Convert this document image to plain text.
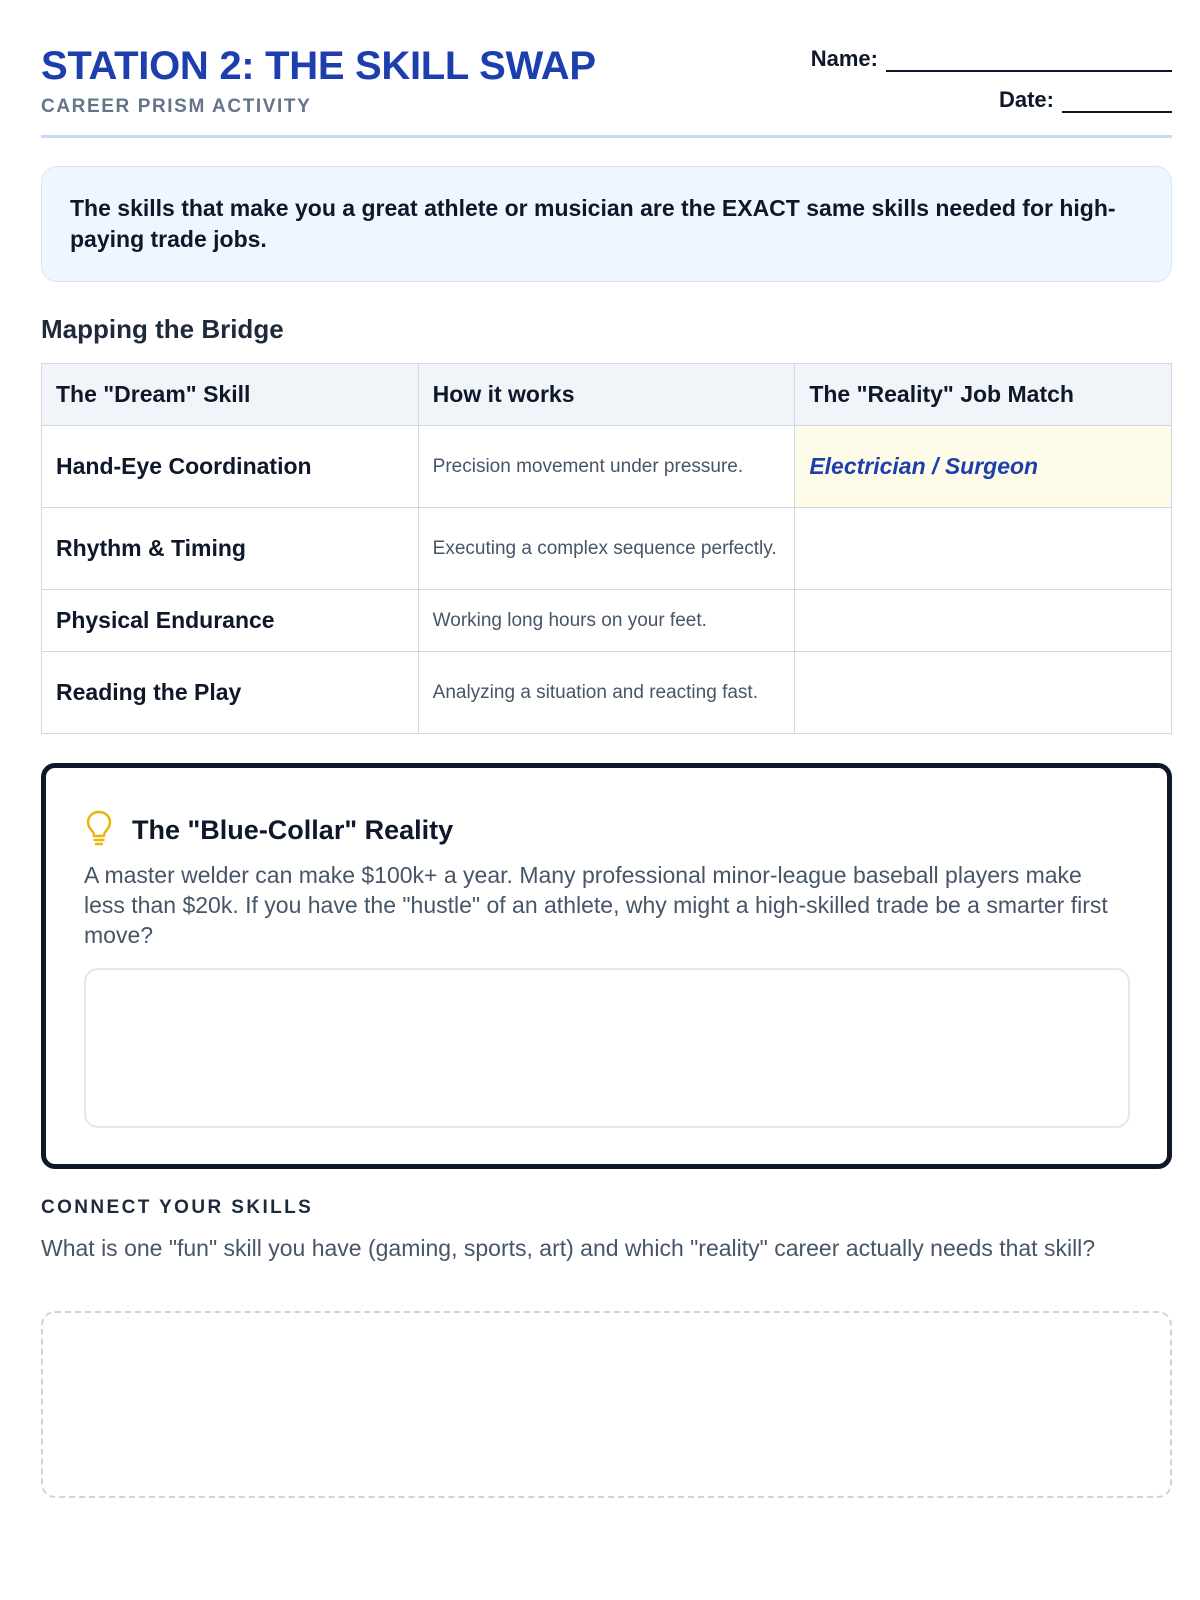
STATION 2: THE SKILL SWAP
CAREER PRISM ACTIVITY
Name:
Date:

The skills that make you a great athlete or musician are the EXACT same skills needed for high-paying trade jobs.

Mapping the Bridge
The "Dream" Skill	How it works	The "Reality" Job Match
Hand-Eye Coordination	Precision movement under pressure.	Electrician / Surgeon
Rhythm & Timing	Executing a complex sequence perfectly.	
Physical Endurance	Working long hours on your feet.	
Reading the Play	Analyzing a situation and reacting fast.	
The "Blue-Collar" Reality

A master welder can make $100k+ a year. Many professional minor-league baseball players make less than $20k. If you have the "hustle" of an athlete, why might a high-skilled trade be a smarter first move?

CONNECT YOUR SKILLS

What is one "fun" skill you have (gaming, sports, art) and which "reality" career actually needs that skill?
